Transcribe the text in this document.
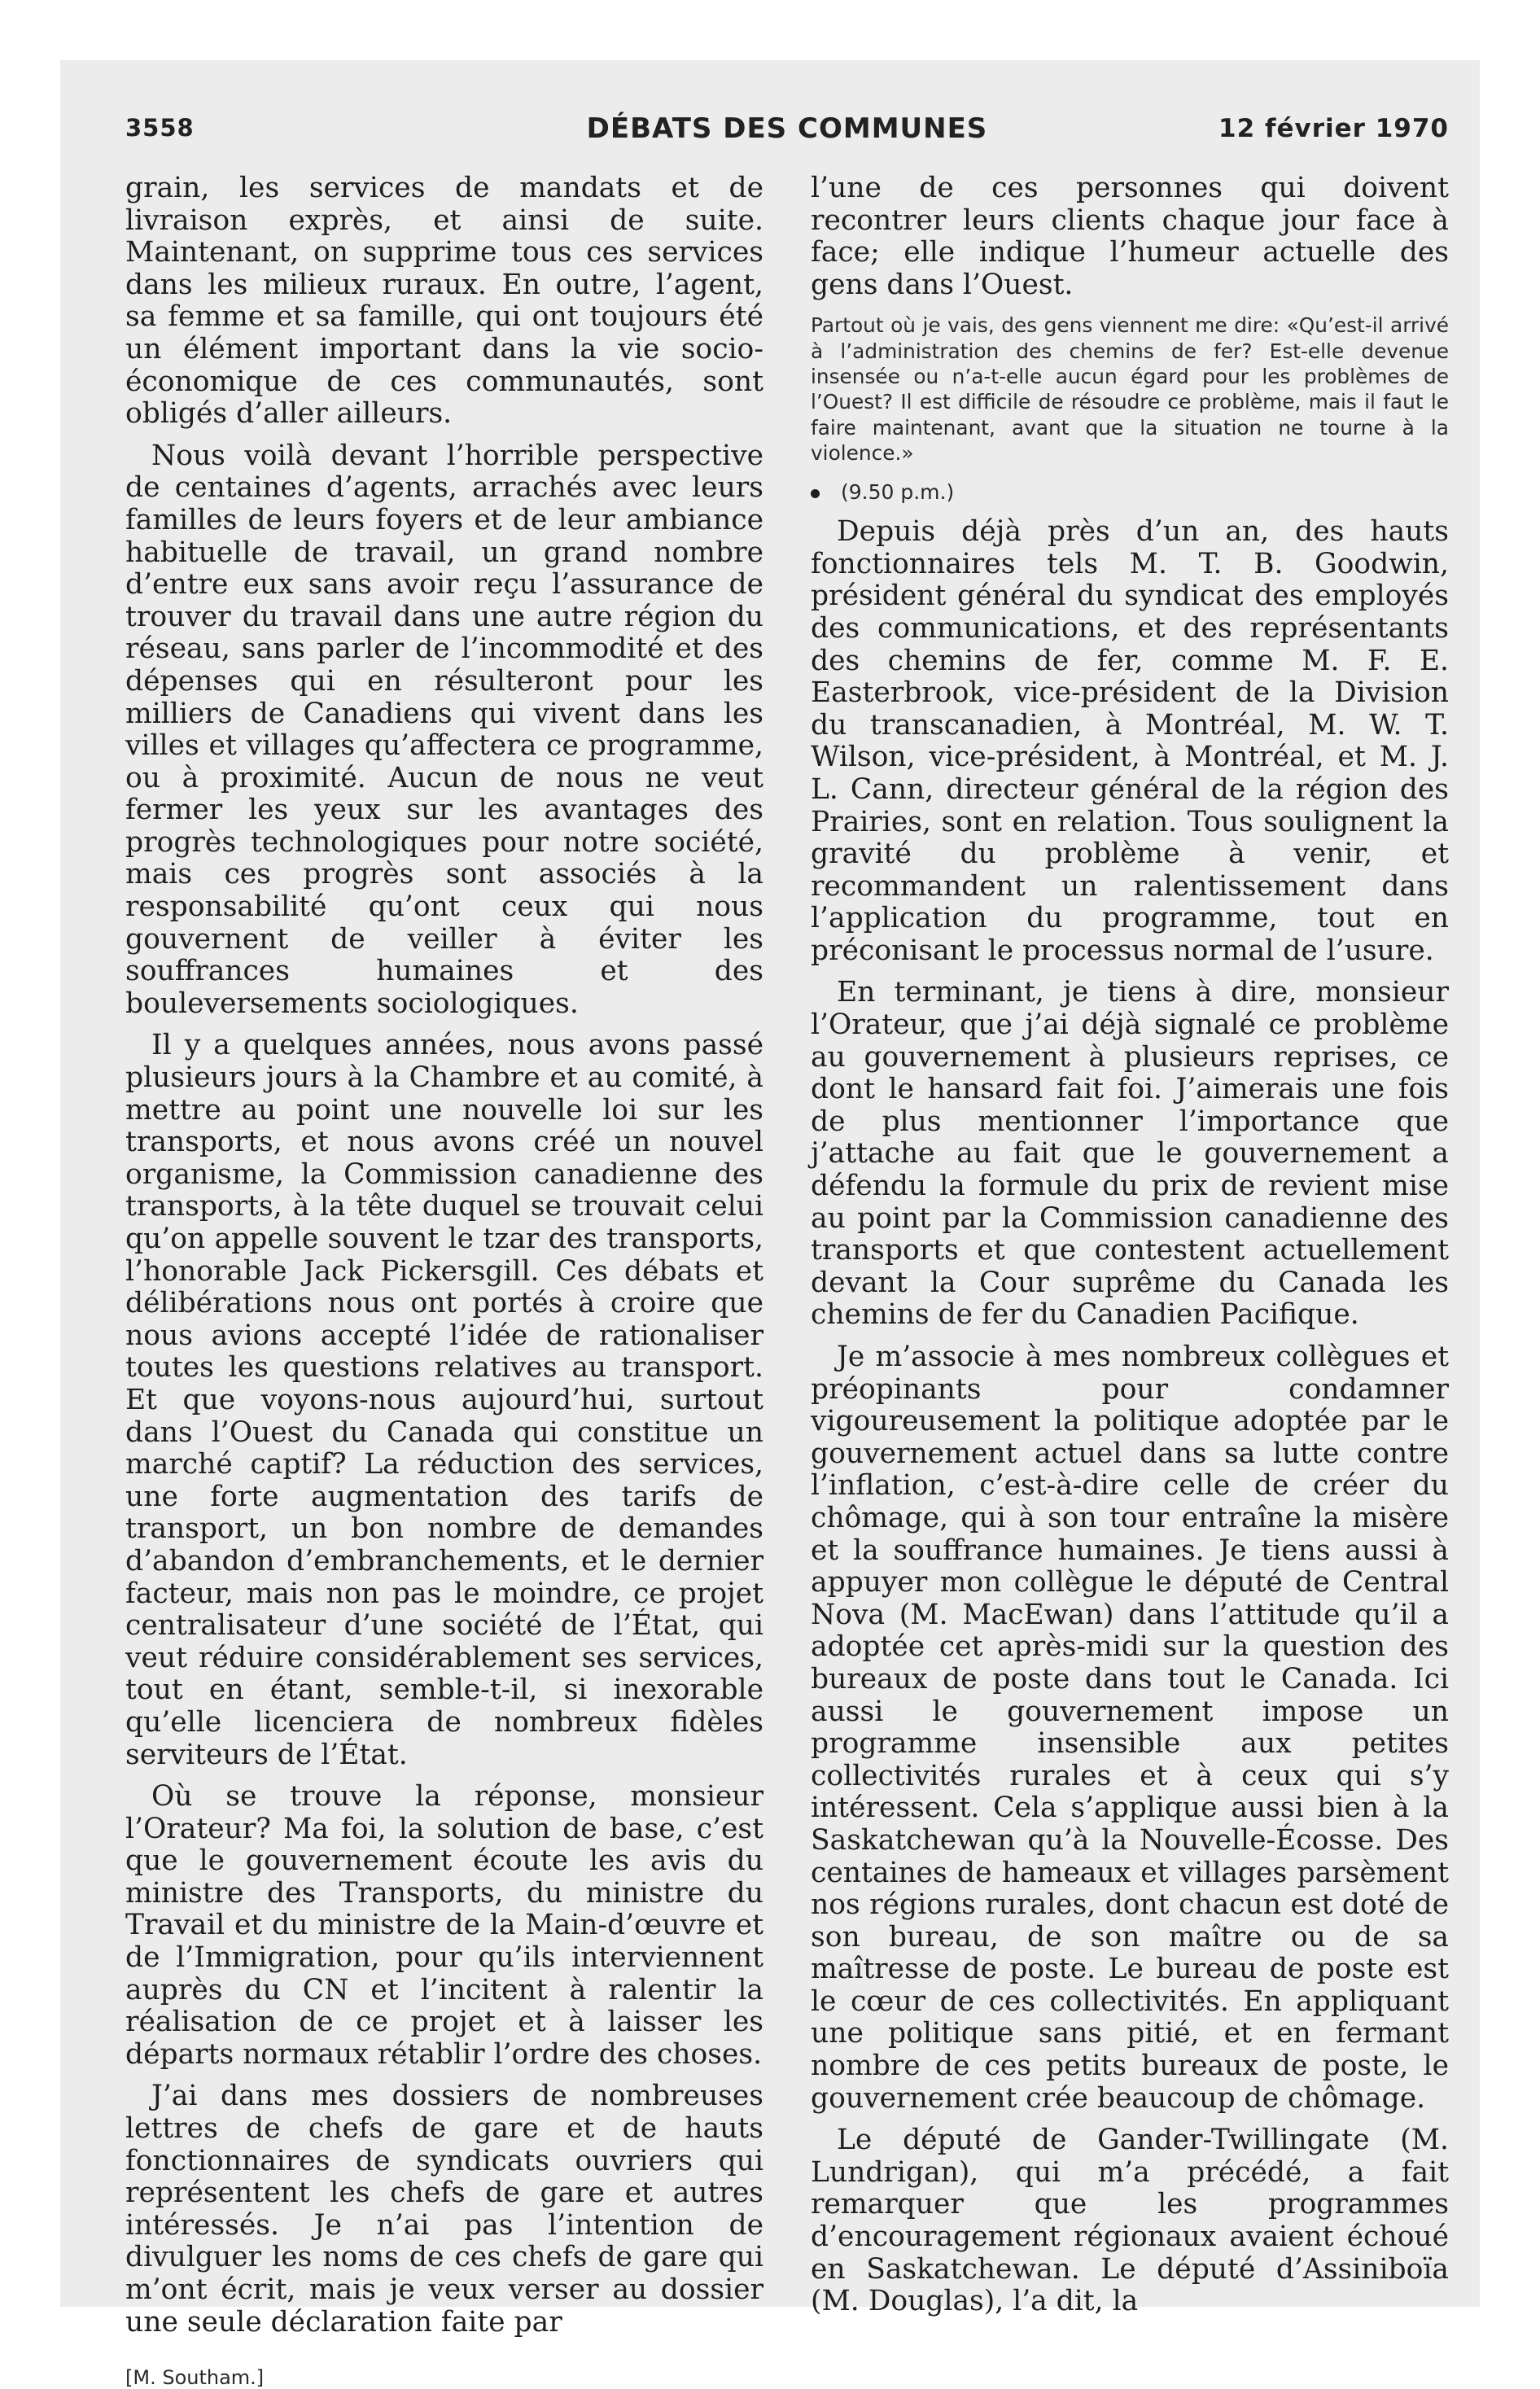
3558	DÉBATS DES COMMUNES	12 février 1970

grain, les services de mandats et de livraison exprès, et ainsi de suite. Maintenant, on supprime tous ces services dans les milieux ruraux. En outre, l’agent, sa femme et sa famille, qui ont toujours été un élément important dans la vie socio-économique de ces communautés, sont obligés d’aller ailleurs.

Nous voilà devant l’horrible perspective de centaines d’agents, arrachés avec leurs familles de leurs foyers et de leur ambiance habituelle de travail, un grand nombre d’entre eux sans avoir reçu l’assurance de trouver du travail dans une autre région du réseau, sans parler de l’incommodité et des dépenses qui en résulteront pour les milliers de Canadiens qui vivent dans les villes et villages qu’affectera ce programme, ou à proximité. Aucun de nous ne veut fermer les yeux sur les avantages des progrès technologiques pour notre société, mais ces progrès sont associés à la responsabilité qu’ont ceux qui nous gouvernent de veiller à éviter les souffrances humaines et des bouleversements sociologiques.

Il y a quelques années, nous avons passé plusieurs jours à la Chambre et au comité, à mettre au point une nouvelle loi sur les transports, et nous avons créé un nouvel organisme, la Commission canadienne des transports, à la tête duquel se trouvait celui qu’on appelle souvent le tzar des transports, l’honorable Jack Pickersgill. Ces débats et délibérations nous ont portés à croire que nous avions accepté l’idée de rationaliser toutes les questions relatives au transport. Et que voyons-nous aujourd’hui, surtout dans l’Ouest du Canada qui constitue un marché captif? La réduction des services, une forte augmentation des tarifs de transport, un bon nombre de demandes d’abandon d’embranchements, et le dernier facteur, mais non pas le moindre, ce projet centralisateur d’une société de l’État, qui veut réduire considérablement ses services, tout en étant, semble-t-il, si inexorable qu’elle licenciera de nombreux fidèles serviteurs de l’État.

Où se trouve la réponse, monsieur l’Orateur? Ma foi, la solution de base, c’est que le gouvernement écoute les avis du ministre des Transports, du ministre du Travail et du ministre de la Main-d’œuvre et de l’Immigration, pour qu’ils interviennent auprès du CN et l’incitent à ralentir la réalisation de ce projet et à laisser les départs normaux rétablir l’ordre des choses.

J’ai dans mes dossiers de nombreuses lettres de chefs de gare et de hauts fonctionnaires de syndicats ouvriers qui représentent les chefs de gare et autres intéressés. Je n’ai pas l’intention de divulguer les noms de ces chefs de gare qui m’ont écrit, mais je veux verser au dossier une seule déclaration faite par

[M. Southam.]

l’une de ces personnes qui doivent recontrer leurs clients chaque jour face à face; elle indique l’humeur actuelle des gens dans l’Ouest.

Partout où je vais, des gens viennent me dire: «Qu’est-il arrivé à l’administration des chemins de fer? Est-elle devenue insensée ou n’a-t-elle aucun égard pour les problèmes de l’Ouest? Il est difficile de résoudre ce problème, mais il faut le faire maintenant, avant que la situation ne tourne à la violence.»

(9.50 p.m.)

Depuis déjà près d’un an, des hauts fonctionnaires tels M. T. B. Goodwin, président général du syndicat des employés des communications, et des représentants des chemins de fer, comme M. F. E. Easterbrook, vice-président de la Division du transcanadien, à Montréal, M. W. T. Wilson, vice-président, à Montréal, et M. J. L. Cann, directeur général de la région des Prairies, sont en relation. Tous soulignent la gravité du problème à venir, et recommandent un ralentissement dans l’application du programme, tout en préconisant le processus normal de l’usure.

En terminant, je tiens à dire, monsieur l’Orateur, que j’ai déjà signalé ce problème au gouvernement à plusieurs reprises, ce dont le hansard fait foi. J’aimerais une fois de plus mentionner l’importance que j’attache au fait que le gouvernement a défendu la formule du prix de revient mise au point par la Commission canadienne des transports et que contestent actuellement devant la Cour suprême du Canada les chemins de fer du Canadien Pacifique.

Je m’associe à mes nombreux collègues et préopinants pour condamner vigoureusement la politique adoptée par le gouvernement actuel dans sa lutte contre l’inflation, c’est-à-dire celle de créer du chômage, qui à son tour entraîne la misère et la souffrance humaines. Je tiens aussi à appuyer mon collègue le député de Central Nova (M. MacEwan) dans l’attitude qu’il a adoptée cet après-midi sur la question des bureaux de poste dans tout le Canada. Ici aussi le gouvernement impose un programme insensible aux petites collectivités rurales et à ceux qui s’y intéressent. Cela s’applique aussi bien à la Saskatchewan qu’à la Nouvelle-Écosse. Des centaines de hameaux et villages parsèment nos régions rurales, dont chacun est doté de son bureau, de son maître ou de sa maîtresse de poste. Le bureau de poste est le cœur de ces collectivités. En appliquant une politique sans pitié, et en fermant nombre de ces petits bureaux de poste, le gouvernement crée beaucoup de chômage.

Le député de Gander-Twillingate (M. Lundrigan), qui m’a précédé, a fait remarquer que les programmes d’encouragement régionaux avaient échoué en Saskatchewan. Le député d’Assiniboïa (M. Douglas), l’a dit, la
